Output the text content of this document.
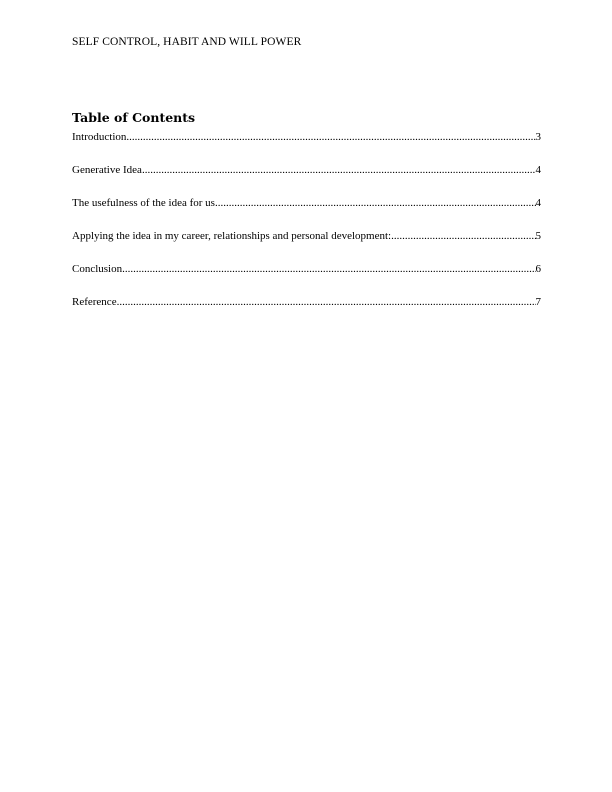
SELF CONTROL, HABIT AND WILL POWER
Table of Contents
Introduction .....	3
Generative Idea .....	4
The usefulness of the idea for us .....	4
Applying the idea in my career, relationships and personal development: .....	5
Conclusion .....	6
Reference .....	7
